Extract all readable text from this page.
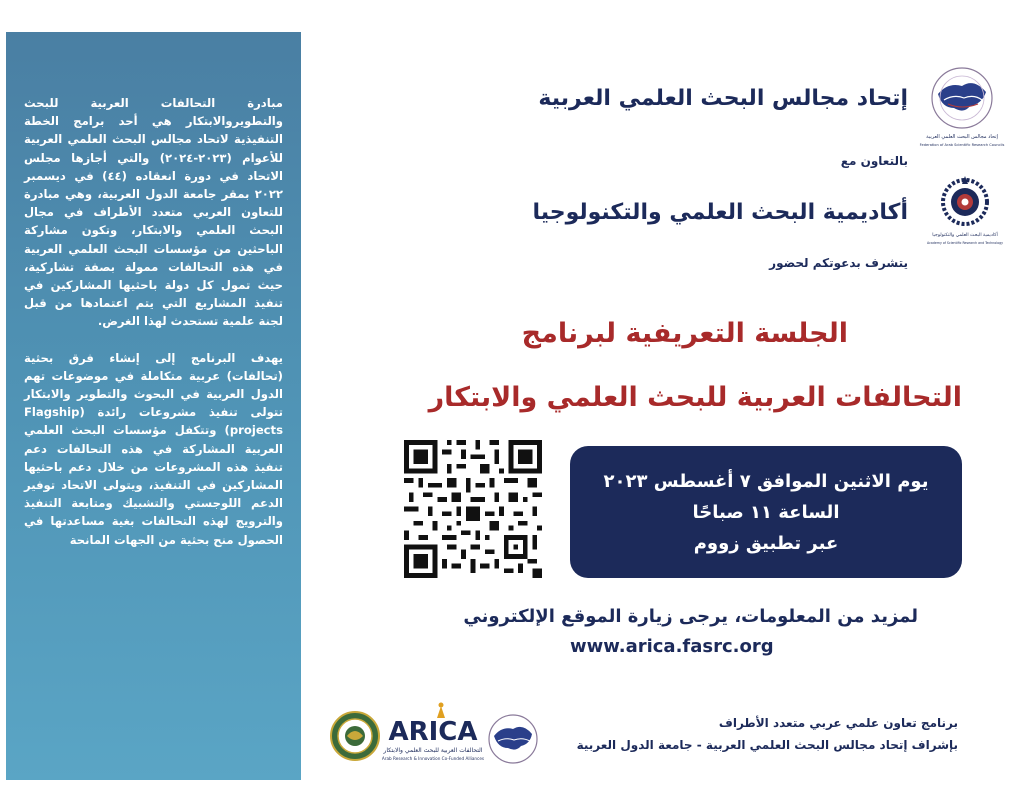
مبادرة التحالفات العربية للبحث والتطويروالابتكار هي أحد برامج الخطة التنفيذية لاتحاد مجالس البحث العلمي العربية للأعوام (٢٠٢٣-٢٠٢٤) والتي أجازها مجلس الاتحاد في دورة انعقاده (٤٤) في ديسمبر ٢٠٢٢ بمقر جامعة الدول العربية، وهي مبادرة للتعاون العربي متعدد الأطراف في مجال البحث العلمي والابتكار، وتكون مشاركة الباحثين من مؤسسات البحث العلمي العربية في هذه التحالفات ممولة بصفة تشاركية، حيث تمول كل دولة باحثيها المشاركين في تنفيذ المشاريع التي يتم اعتمادها من قبل لجنة علمية تستحدث لهذا الغرض.

يهدف البرنامج إلى إنشاء فرق بحثية (تحالفات) عربية متكاملة في موضوعات تهم الدول العربية في البحوث والتطوير والابتكار تتولى تنفيذ مشروعات رائدة (Flagship projects) وتتكفل مؤسسات البحث العلمي العربية المشاركة في هذه التحالفات دعم تنفيذ هذه المشروعات من خلال دعم باحثيها المشاركين في التنفيذ، ويتولى الاتحاد توفير الدعم اللوجستي والتشبيك ومتابعة التنفيذ والترويج لهذه التحالفات بغية مساعدتها في الحصول منح بحثية من الجهات المانحة

إتحاد مجالس البحث العلمي العربية
Federation of Arab Scientific Research Councils
إتحاد مجالس البحث العلمي العربية
بالتعاون مع
أكاديمية البحث العلمي والتكنولوجيا
Academy of Scientific Research and Technology
أكاديمية البحث العلمي والتكنولوجيا
يتشرف بدعوتكم لحضور
الجلسة التعريفية لبرنامج
التحالفات العربية للبحث العلمي والابتكار
يوم الاثنين الموافق ٧ أغسطس ٢٠٢٣
الساعة ١١ صباحًا
عبر تطبيق زووم
لمزيد من المعلومات، يرجى زيارة الموقع الإلكتروني
www.arica.fasrc.org
ARICA
التحالفات العربية للبحث العلمي والابتكار
Arab Research & Innovation Co-Funded Alliances
برنامج تعاون علمي عربي متعدد الأطراف
بإشراف إتحاد مجالس البحث العلمي العربية - جامعة الدول العربية
